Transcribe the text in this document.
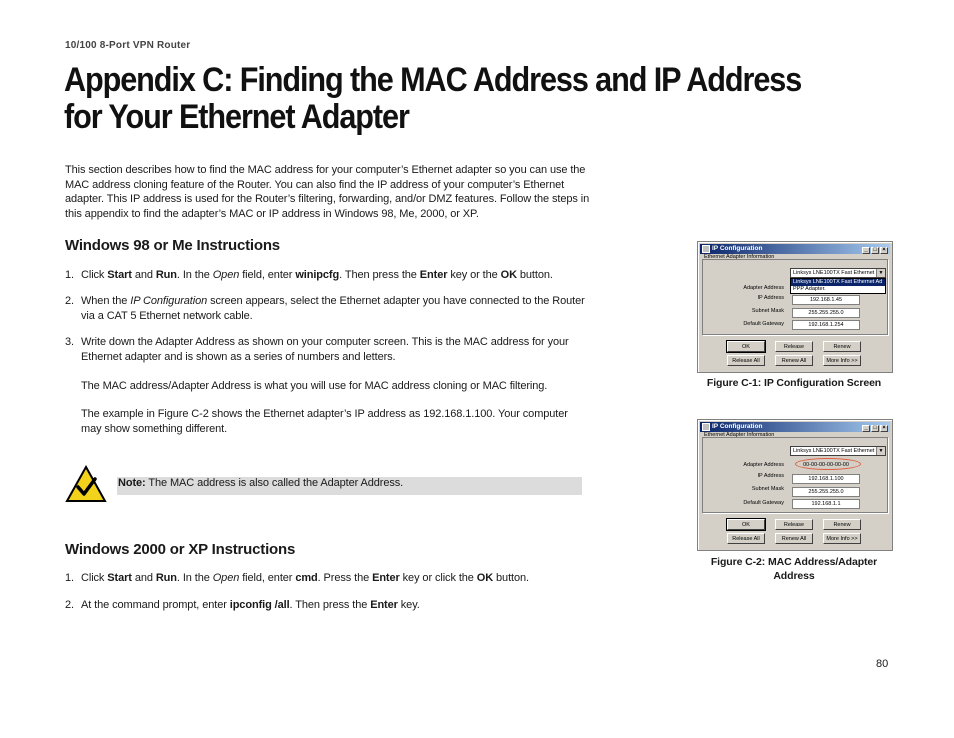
10/100 8-Port VPN Router
Appendix C: Finding the MAC Address and IP Address for Your Ethernet Adapter

This section describes how to find the MAC address for your computer’s Ethernet adapter so you can use the MAC address cloning feature of the Router. You can also find the IP address of your computer’s Ethernet adapter. This IP address is used for the Router’s filtering, forwarding, and/or DMZ features. Follow the steps in this appendix to find the adapter’s MAC or IP address in Windows 98, Me, 2000, or XP.

Windows 98 or Me Instructions
1. Click Start and Run. In the Open field, enter winipcfg. Then press the Enter key or the OK button.
2. When the IP Configuration screen appears, select the Ethernet adapter you have connected to the Router via a CAT 5 Ethernet network cable.
3. Write down the Adapter Address as shown on your computer screen. This is the MAC address for your Ethernet adapter and is shown as a series of numbers and letters.

The MAC address/Adapter Address is what you will use for MAC address cloning or MAC filtering.

The example in Figure C-2 shows the Ethernet adapter’s IP address as 192.168.1.100. Your computer may show something different.

Note: The MAC address is also called the Adapter Address.
Windows 2000 or XP Instructions
1. Click Start and Run. In the Open field, enter cmd. Press the Enter key or click the OK button.
2. At the command prompt, enter ipconfig /all. Then press the Enter key.
IP Configuration	_ □ ×
Ethernet Adapter Information
Linksys LNE100TX Fast Ethernet ▼
Linksys LNE100TX Fast Ethernet Ad
PPP Adapter.
Adapter Address
IP Address	192.168.1.45
Subnet Mask	255.255.255.0
Default Gateway	192.168.1.254
OK	Release	Renew
Release All	Renew All	More Info >>
Figure C-1: IP Configuration Screen
IP Configuration	_ □ ×
Ethernet Adapter Information
Linksys LNE100TX Fast Ethernet ▼
Adapter Address	00-00-00-00-00-00
IP Address	192.168.1.100
Subnet Mask	255.255.255.0
Default Gateway	192.168.1.1
OK	Release	Renew
Release All	Renew All	More Info >>
Figure C-2: MAC Address/Adapter Address
80
